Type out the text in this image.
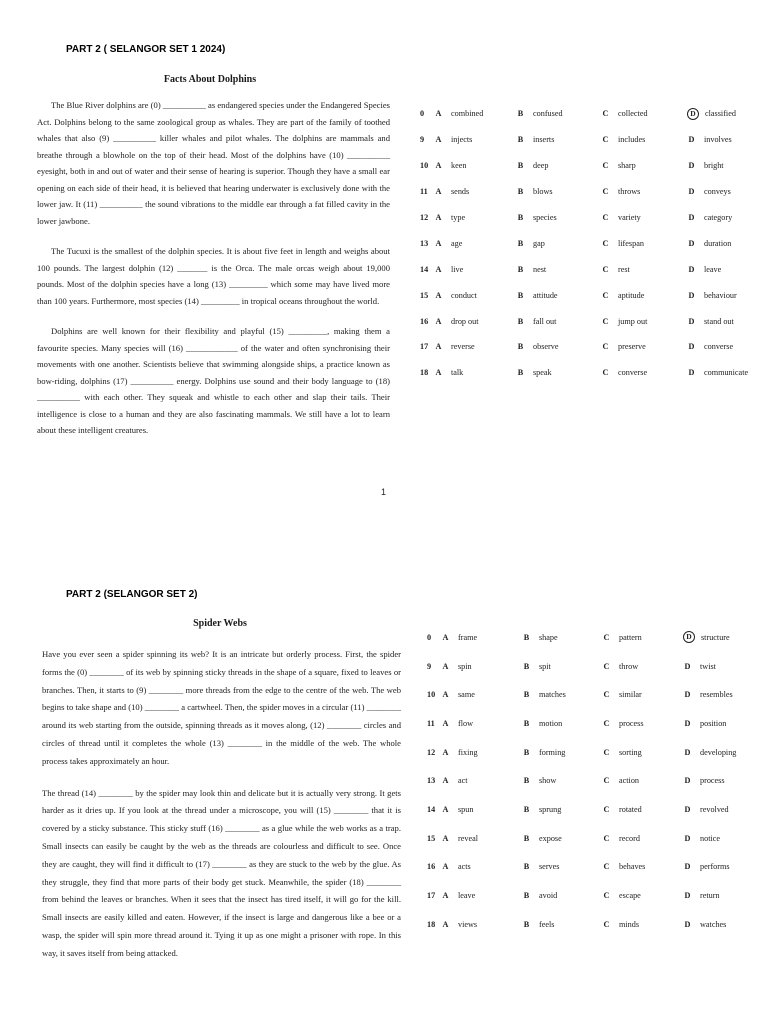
PART 2 ( SELANGOR SET 1 2024)
Facts About Dolphins

The Blue River dolphins are (0) __________ as endangered species under the Endangered Species Act. Dolphins belong to the same zoological group as whales. They are part of the family of toothed whales that also (9) __________ killer whales and pilot whales. The dolphins are mammals and breathe through a blowhole on the top of their head. Most of the dolphins have (10) __________ eyesight, both in and out of water and their sense of hearing is superior. Though they have a small ear opening on each side of their head, it is believed that hearing underwater is exclusively done with the lower jaw. It (11) __________ the sound vibrations to the middle ear through a fat filled cavity in the lower jawbone.

The Tucuxi is the smallest of the dolphin species. It is about five feet in length and weighs about 100 pounds. The largest dolphin (12) _______ is the Orca. The male orcas weigh about 19,000 pounds. Most of the dolphin species have a long (13) _________ which some may have lived more than 100 years. Furthermore, most species (14) _________ in tropical oceans throughout the world.

Dolphins are well known for their flexibility and playful (15) _________, making them a favourite species. Many species will (16) ____________ of the water and often synchronising their movements with one another. Scientists believe that swimming alongside ships, a practice known as bow-riding, dolphins (17) __________ energy. Dolphins use sound and their body language to (18) __________ with each other. They squeak and whistle to each other and slap their tails. Their intelligence is close to a human and they are also fascinating mammals. We still have a lot to learn about these intelligent creatures.

1
0	A combined	B confused	C collected	D	classified
9	A injects	B inserts	C includes	D involves
10 A keen	B deep	C sharp	D bright
11 A sends	B blows	C throws	D conveys
12 A type	B species	C variety	D category
13 A age	B gap	C lifespan	D duration
14 A live	B nest	C rest	D leave
15 A conduct	B attitude	C aptitude	D behaviour
16 A drop out	B fall out	C jump out	D stand out
17 A reverse	B observe	C preserve	D converse
18 A talk	B speak	C converse	D communicate
PART 2 (SELANGOR SET 2)
Spider Webs

Have you ever seen a spider spinning its web? It is an intricate but orderly process. First, the spider forms the (0) ________ of its web by spinning sticky threads in the shape of a square, fixed to leaves or branches. Then, it starts to (9) ________ more threads from the edge to the centre of the web. The web begins to take shape and (10) ________ a cartwheel. Then, the spider moves in a circular (11) ________ around its web starting from the outside, spinning threads as it moves along, (12) ________ circles and circles of thread until it completes the whole (13) ________ in the middle of the web. The whole process takes approximately an hour.

The thread (14) ________ by the spider may look thin and delicate but it is actually very strong. It gets harder as it dries up. If you look at the thread under a microscope, you will (15) ________ that it is covered by a sticky substance. This sticky stuff (16) ________ as a glue while the web works as a trap. Small insects can easily be caught by the web as the threads are colourless and difficult to see. Once they are caught, they will find it difficult to (17) ________ as they are stuck to the web by the glue. As they struggle, they find that more parts of their body get stuck. Meanwhile, the spider (18) ________ from behind the leaves or branches. When it sees that the insect has tired itself, it will go for the kill. Small insects are easily killed and eaten. However, if the insect is large and dangerous like a bee or a wasp, the spider will spin more thread around it. Tying it up as one might a prisoner with rope. In this way, it saves itself from being attacked.

0	A frame	B shape	C pattern	D	structure
9	A spin	B spit	C throw	D twist
10 A same	B matches	C similar	D resembles
11 A flow	B motion	C process	D position
12 A fixing	B forming	C sorting	D developing
13 A act	B show	C action	D process
14 A spun	B sprung	C rotated	D revolved
15 A reveal	B expose	C record	D notice
16 A acts	B serves	C behaves	D performs
17 A leave	B avoid	C escape	D return
18 A views	B feels	C minds	D watches
